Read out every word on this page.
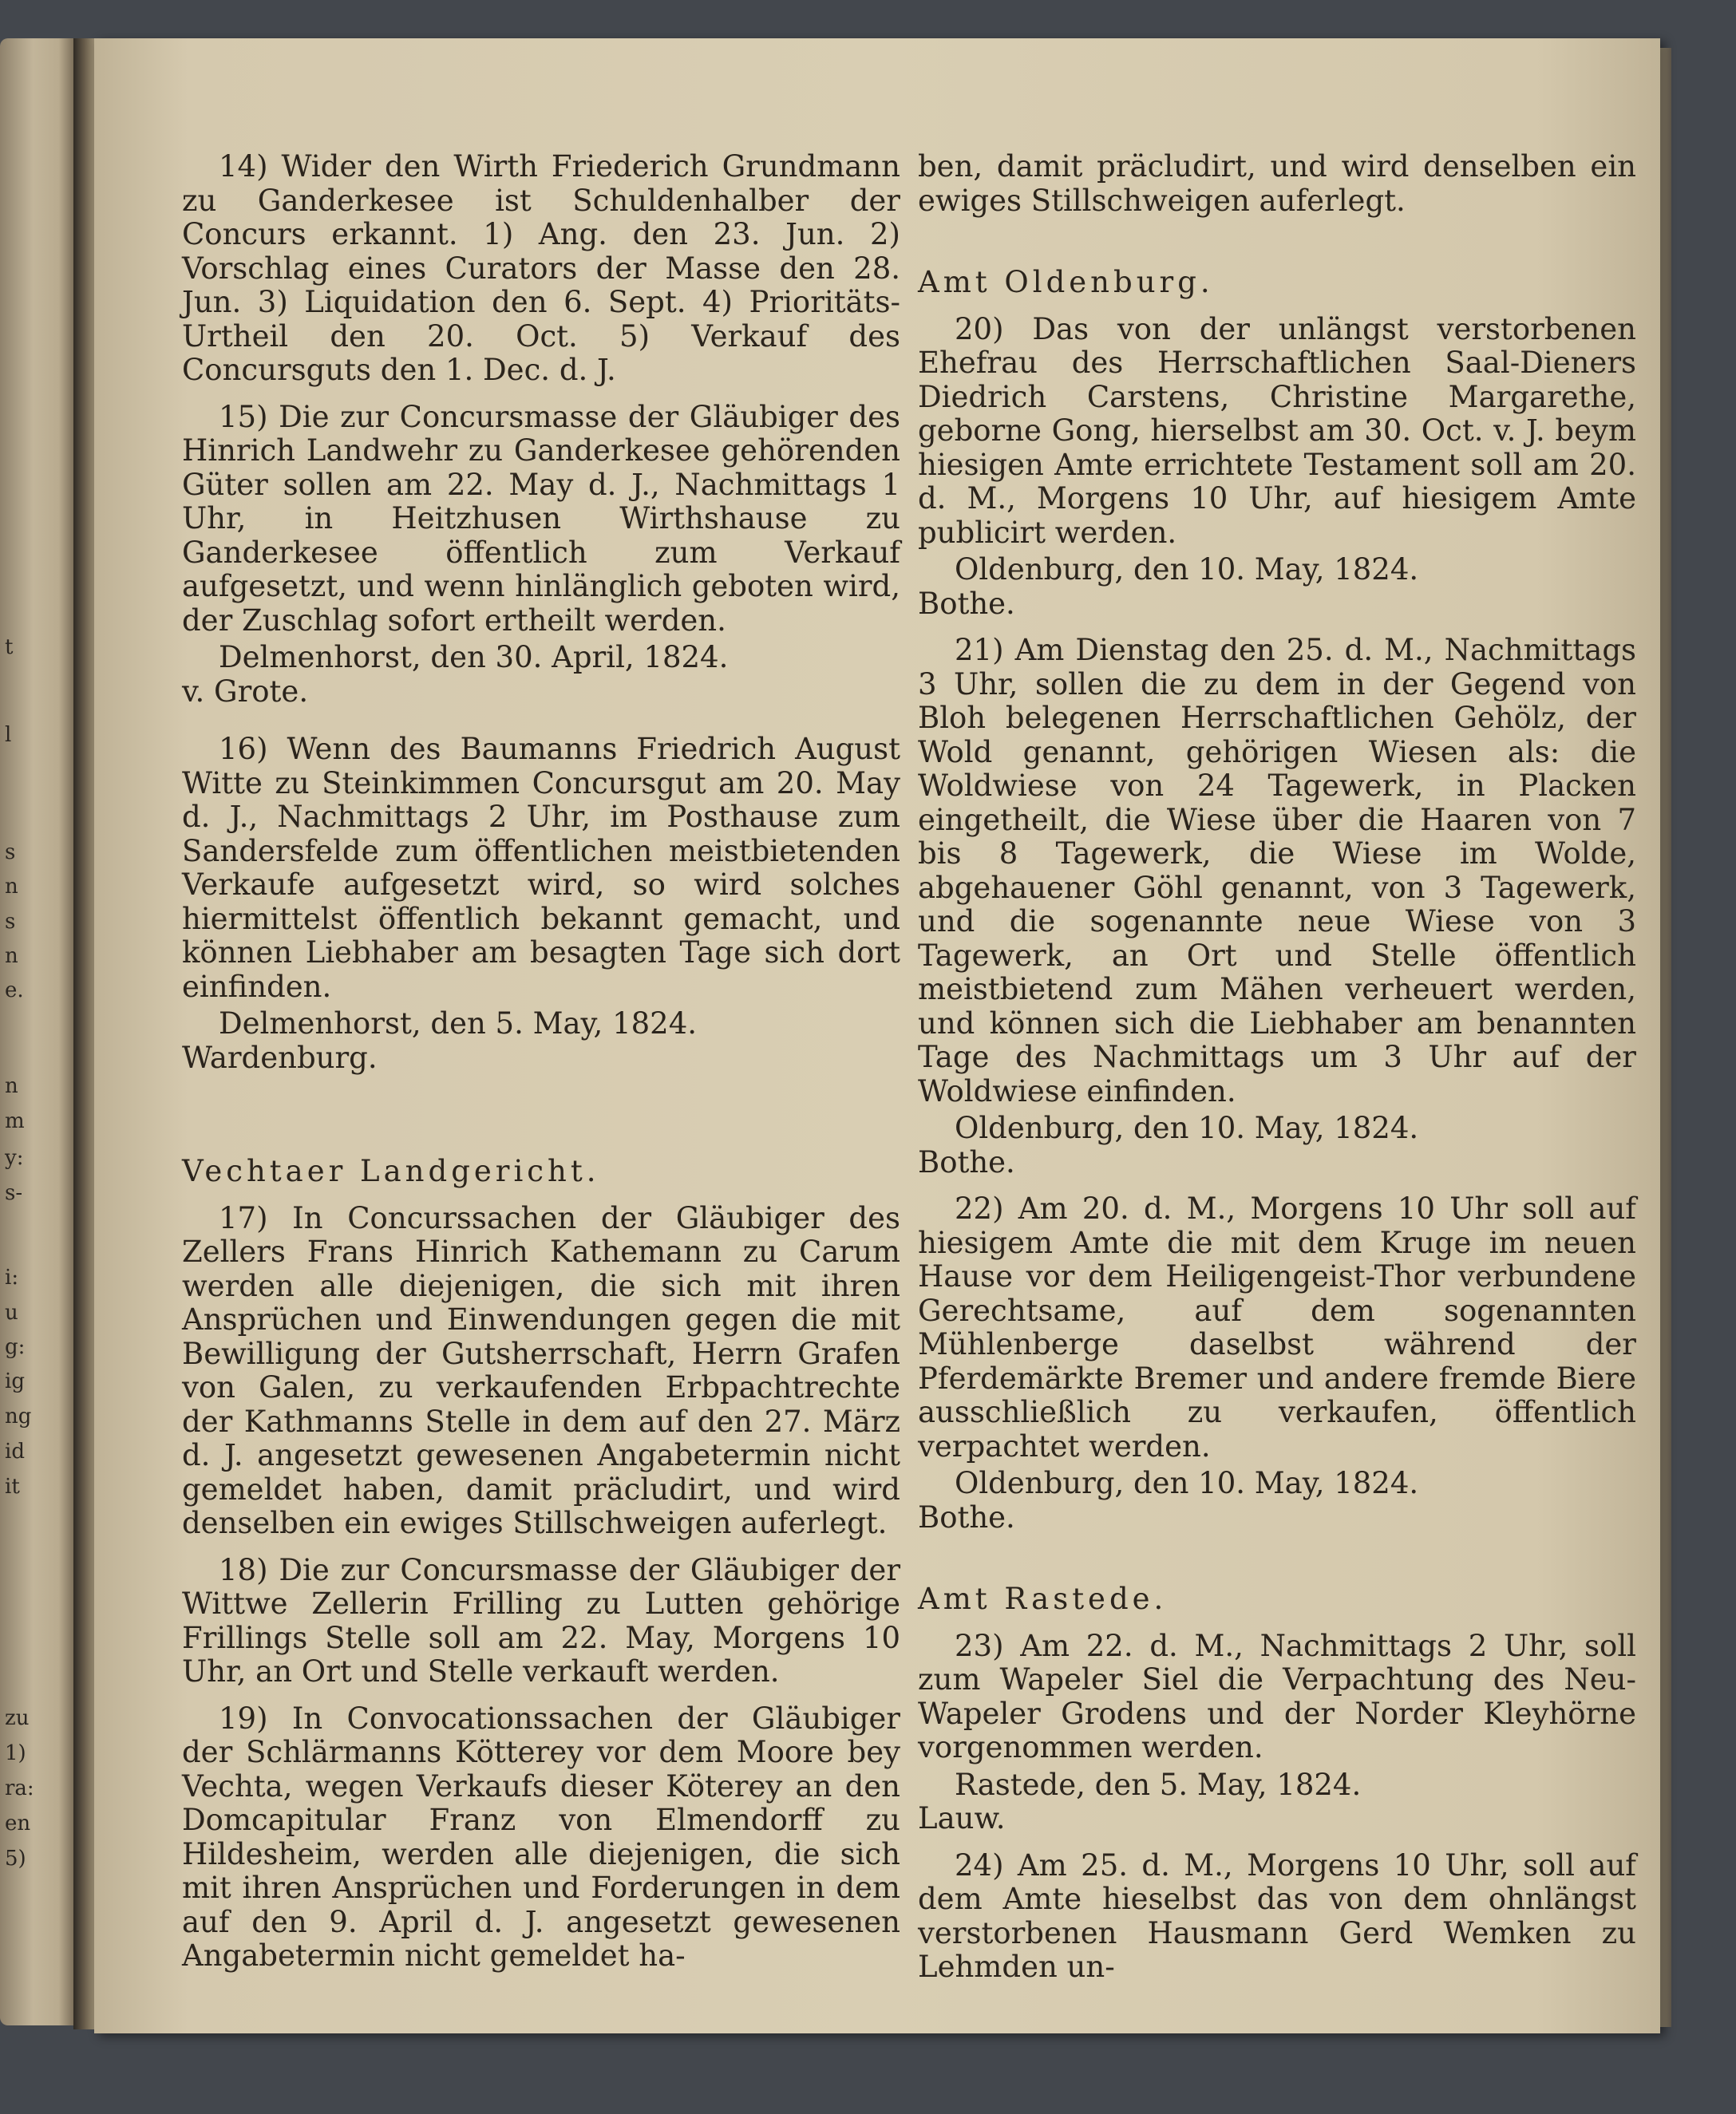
t
l
s
n
s
n
e.
n
m
y:
s-
i:
u
g:
ig
ng
id
it
zu
1)
ra:
en
5)

14) Wider den Wirth Friederich Grundmann zu Ganderkesee ist Schuldenhalber der Concurs erkannt. 1) Ang. den 23. Jun. 2) Vorschlag eines Curators der Masse den 28. Jun. 3) Liquidation den 6. Sept. 4) Prioritäts-Urtheil den 20. Oct. 5) Verkauf des Concursguts den 1. Dec. d. J.

15) Die zur Concursmasse der Gläubiger des Hinrich Landwehr zu Ganderkesee gehörenden Güter sollen am 22. May d. J., Nachmittags 1 Uhr, in Heitzhusen Wirthshause zu Ganderkesee öffentlich zum Verkauf aufgesetzt, und wenn hinlänglich geboten wird, der Zuschlag sofort ertheilt werden.

Delmenhorst, den 30. April, 1824.

v. Grote.

16) Wenn des Baumanns Friedrich August Witte zu Steinkimmen Concursgut am 20. May d. J., Nachmittags 2 Uhr, im Posthause zum Sandersfelde zum öffentlichen meistbietenden Verkaufe aufgesetzt wird, so wird solches hiermittelst öffentlich bekannt gemacht, und können Liebhaber am besagten Tage sich dort einfinden.

Delmenhorst, den 5. May, 1824.

Wardenburg.

Vechtaer Landgericht.

17) In Concurssachen der Gläubiger des Zellers Frans Hinrich Kathemann zu Carum werden alle diejenigen, die sich mit ihren Ansprüchen und Einwendungen gegen die mit Bewilligung der Gutsherrschaft, Herrn Grafen von Galen, zu verkaufenden Erbpachtrechte der Kathmanns Stelle in dem auf den 27. März d. J. angesetzt gewesenen Angabetermin nicht gemeldet haben, damit präcludirt, und wird denselben ein ewiges Stillschweigen auferlegt.

18) Die zur Concursmasse der Gläubiger der Wittwe Zellerin Frilling zu Lutten gehörige Frillings Stelle soll am 22. May, Morgens 10 Uhr, an Ort und Stelle verkauft werden.

19) In Convocationssachen der Gläubiger der Schlärmanns Kötterey vor dem Moore bey Vechta, wegen Verkaufs dieser Köterey an den Domcapitular Franz von Elmendorff zu Hildesheim, werden alle diejenigen, die sich mit ihren Ansprüchen und Forderungen in dem auf den 9. April d. J. angesetzt gewesenen Angabetermin nicht gemeldet ha-

ben, damit präcludirt, und wird denselben ein ewiges Stillschweigen auferlegt.

Amt Oldenburg.

20) Das von der unlängst verstorbenen Ehefrau des Herrschaftlichen Saal-Dieners Diedrich Carstens, Christine Margarethe, geborne Gong, hierselbst am 30. Oct. v. J. beym hiesigen Amte errichtete Testament soll am 20. d. M., Morgens 10 Uhr, auf hiesigem Amte publicirt werden.

Oldenburg, den 10. May, 1824.

Bothe.

21) Am Dienstag den 25. d. M., Nachmittags 3 Uhr, sollen die zu dem in der Gegend von Bloh belegenen Herrschaftlichen Gehölz, der Wold genannt, gehörigen Wiesen als: die Woldwiese von 24 Tagewerk, in Placken eingetheilt, die Wiese über die Haaren von 7 bis 8 Tagewerk, die Wiese im Wolde, abgehauener Göhl genannt, von 3 Tagewerk, und die sogenannte neue Wiese von 3 Tagewerk, an Ort und Stelle öffentlich meistbietend zum Mähen verheuert werden, und können sich die Liebhaber am benannten Tage des Nachmittags um 3 Uhr auf der Woldwiese einfinden.

Oldenburg, den 10. May, 1824.

Bothe.

22) Am 20. d. M., Morgens 10 Uhr soll auf hiesigem Amte die mit dem Kruge im neuen Hause vor dem Heiligengeist-Thor verbundene Gerechtsame, auf dem sogenannten Mühlenberge daselbst während der Pferdemärkte Bremer und andere fremde Biere ausschließlich zu verkaufen, öffentlich verpachtet werden.

Oldenburg, den 10. May, 1824.

Bothe.

Amt Rastede.

23) Am 22. d. M., Nachmittags 2 Uhr, soll zum Wapeler Siel die Verpachtung des Neu-Wapeler Grodens und der Norder Kleyhörne vorgenommen werden.

Rastede, den 5. May, 1824.

Lauw.

24) Am 25. d. M., Morgens 10 Uhr, soll auf dem Amte hieselbst das von dem ohnlängst verstorbenen Hausmann Gerd Wemken zu Lehmden un-
